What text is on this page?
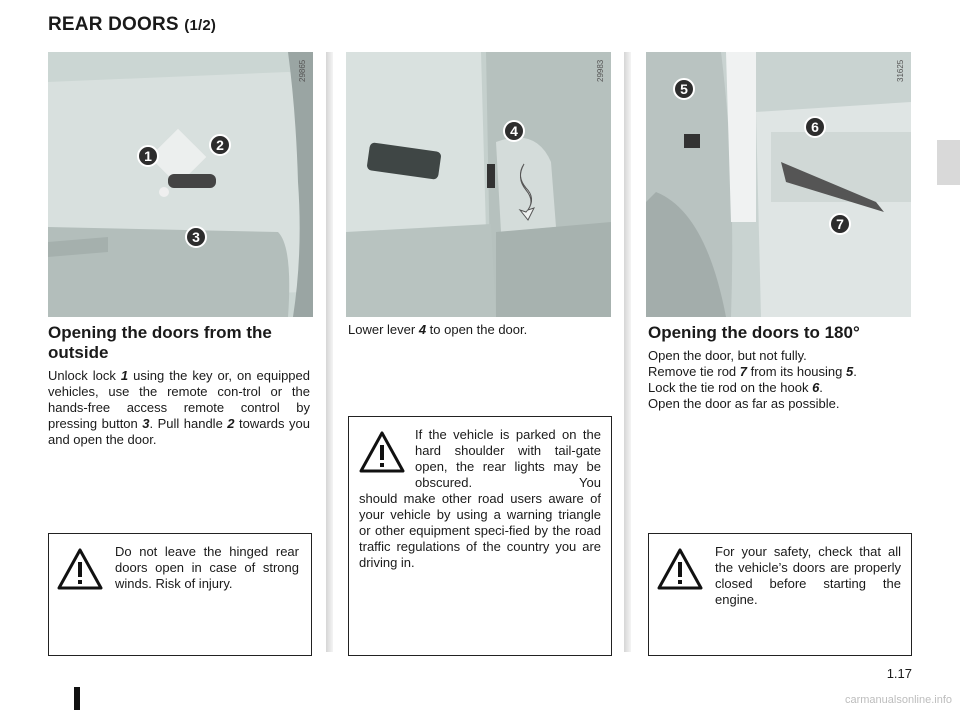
REAR DOORS (1/2)
1
2
3
29865
4
29983
5
6
7
31625
Opening the doors from the outside
Unlock lock 1 using the key or, on equipped vehicles, use the remote con-trol or the hands-free access remote control by pressing button 3. Pull handle 2 towards you and open the door.
Do not leave the hinged rear doors open in case of strong winds. Risk of injury.
Lower lever 4 to open the door.
If the vehicle is parked on the hard shoulder with tail-gate open, the rear lights may be obscured. You
should make other road users aware of your vehicle by using a warning triangle or other equipment speci-fied by the road traffic regulations of the country you are driving in.
Opening the doors to 180°
Open the door, but not fully.
Remove tie rod 7 from its housing 5.
Lock the tie rod on the hook 6.
Open the door as far as possible.
For your safety, check that all the vehicle’s doors are properly closed before starting the engine.
1.17
carmanualsonline.info
